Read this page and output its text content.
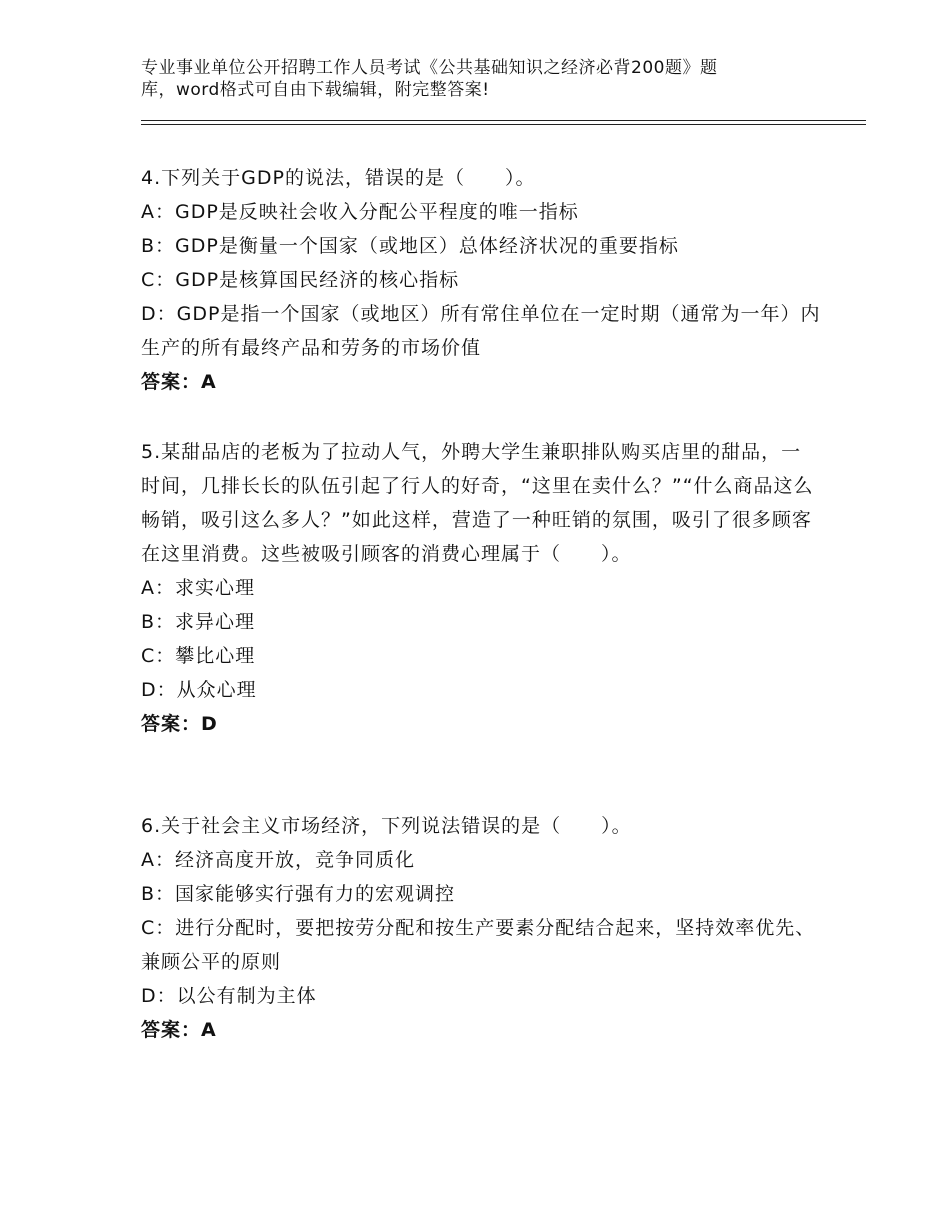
专业事业单位公开招聘工作人员考试《公共基础知识之经济必背200题》题
库，word格式可自由下载编辑，附完整答案!

4.下列关于GDP的说法，错误的是（　　）。

A：GDP是反映社会收入分配公平程度的唯一指标

B：GDP是衡量一个国家（或地区）总体经济状况的重要指标

C：GDP是核算国民经济的核心指标

D：GDP是指一个国家（或地区）所有常住单位在一定时期（通常为一年）内生产的所有最终产品和劳务的市场价值

答案：A

5.某甜品店的老板为了拉动人气，外聘大学生兼职排队购买店里的甜品，一时间，几排长长的队伍引起了行人的好奇，“这里在卖什么？”“什么商品这么畅销，吸引这么多人？”如此这样，营造了一种旺销的氛围，吸引了很多顾客在这里消费。这些被吸引顾客的消费心理属于（　　）。

A：求实心理

B：求异心理

C：攀比心理

D：从众心理

答案：D

6.关于社会主义市场经济，下列说法错误的是（　　）。

A：经济高度开放，竞争同质化

B：国家能够实行强有力的宏观调控

C：进行分配时，要把按劳分配和按生产要素分配结合起来，坚持效率优先、兼顾公平的原则

D：以公有制为主体

答案：A
